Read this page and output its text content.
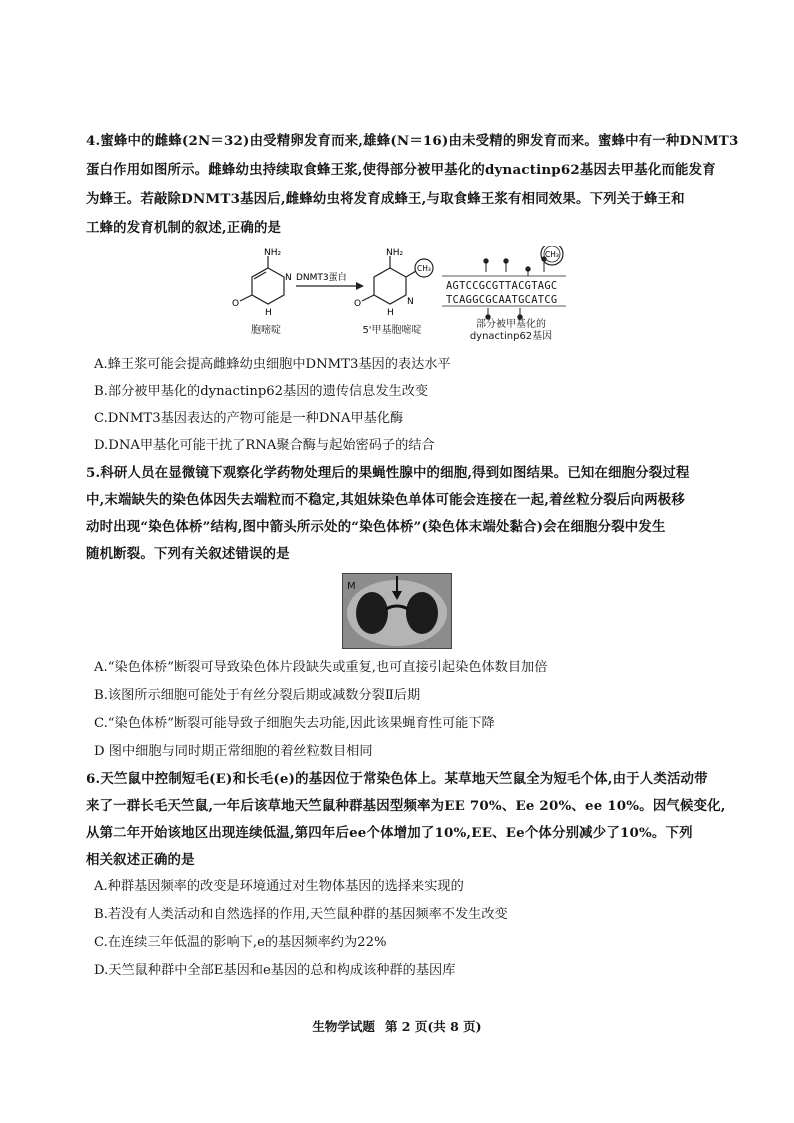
4.蜜蜂中的雌蜂(2N＝32)由受精卵发育而来,雄蜂(N＝16)由未受精的卵发育而来。蜜蜂中有一种DNMT3
蛋白作用如图所示。雌蜂幼虫持续取食蜂王浆,使得部分被甲基化的dynactinp62基因去甲基化而能发育
为蜂王。若敲除DNMT3基因后,雌蜂幼虫将发育成蜂王,与取食蜂王浆有相同效果。下列关于蜂王和
工蜂的发育机制的叙述,正确的是
NH₂
O
N
H
DNMT3蛋白
NH₂
O	N
H
CH₃
CH₃
AGTCCGCGTTACGTAGC
TCAGGCGCAATGCATCG
胞嘧啶	5'甲基胞嘧啶
部分被甲基化的
dynactinp62基因
A.蜂王浆可能会提高雌蜂幼虫细胞中DNMT3基因的表达水平
B.部分被甲基化的dynactinp62基因的遗传信息发生改变
C.DNMT3基因表达的产物可能是一种DNA甲基化酶
D.DNA甲基化可能干扰了RNA聚合酶与起始密码子的结合
5.科研人员在显微镜下观察化学药物处理后的果蝇性腺中的细胞,得到如图结果。已知在细胞分裂过程
中,末端缺失的染色体因失去端粒而不稳定,其姐妹染色单体可能会连接在一起,着丝粒分裂后向两极移
动时出现“染色体桥”结构,图中箭头所示处的“染色体桥”(染色体末端处黏合)会在细胞分裂中发生
随机断裂。下列有关叙述错误的是
M
A.“染色体桥”断裂可导致染色体片段缺失或重复,也可直接引起染色体数目加倍
B.该图所示细胞可能处于有丝分裂后期或减数分裂Ⅱ后期
C.“染色体桥”断裂可能导致子细胞失去功能,因此该果蝇育性可能下降
D 图中细胞与同时期正常细胞的着丝粒数目相同
6.天竺鼠中控制短毛(E)和长毛(e)的基因位于常染色体上。某草地天竺鼠全为短毛个体,由于人类活动带
来了一群长毛天竺鼠,一年后该草地天竺鼠种群基因型频率为EE 70%、Ee 20%、ee 10%。因气候变化,
从第二年开始该地区出现连续低温,第四年后ee个体增加了10%,EE、Ee个体分别减少了10%。下列
相关叙述正确的是
A.种群基因频率的改变是环境通过对生物体基因的选择来实现的
B.若没有人类活动和自然选择的作用,天竺鼠种群的基因频率不发生改变
C.在连续三年低温的影响下,e的基因频率约为22%
D.天竺鼠种群中全部E基因和e基因的总和构成该种群的基因库
生物学试题 第 2 页(共 8 页)
